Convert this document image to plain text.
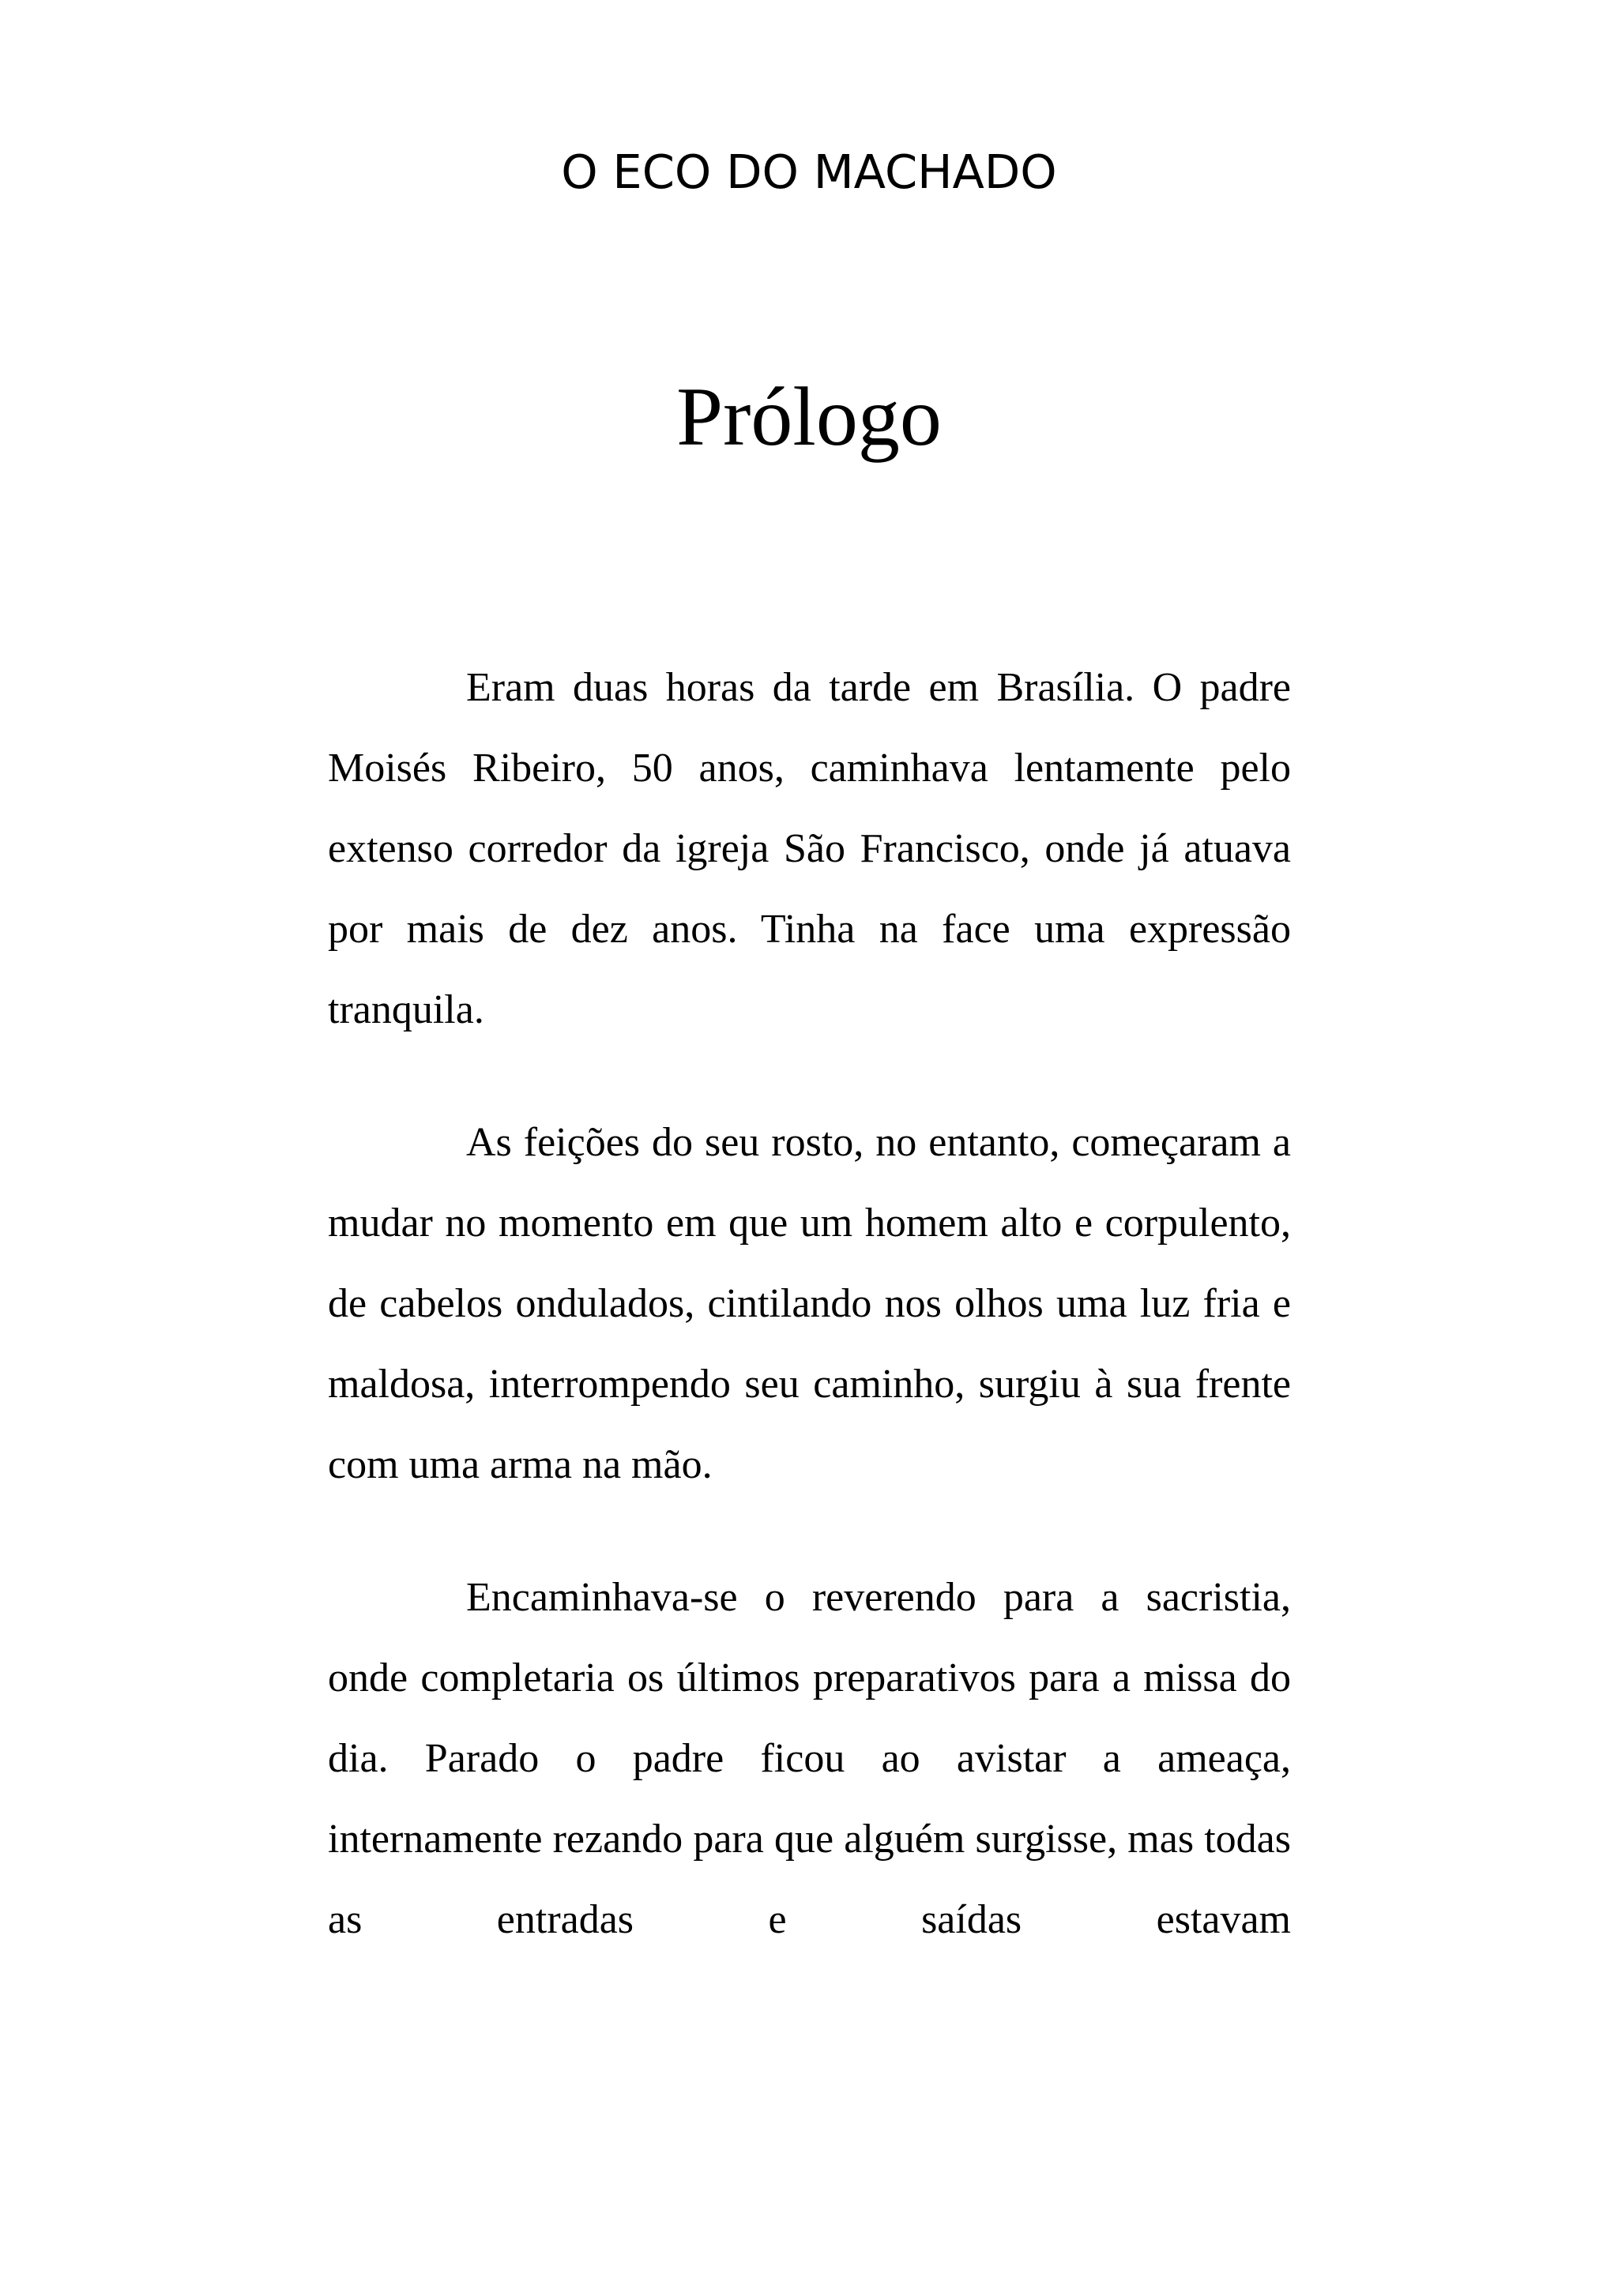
O ECO DO MACHADO
Prólogo

Eram duas horas da tarde em Brasília. O padre Moisés Ribeiro, 50 anos, caminhava lentamente pelo extenso corredor da igreja São Francisco, onde já atuava por mais de dez anos. Tinha na face uma expressão tranquila.

As feições do seu rosto, no entanto, começaram a mudar no momento em que um homem alto e corpulento, de cabelos ondulados, cintilando nos olhos uma luz fria e maldosa, interrompendo seu caminho, surgiu à sua frente com uma arma na mão.

Encaminhava-se o reverendo para a sacristia, onde completaria os últimos preparativos para a missa do dia. Parado o padre ficou ao avistar a ameaça, internamente rezando para que alguém surgisse, mas todas as entradas e saídas estavam
